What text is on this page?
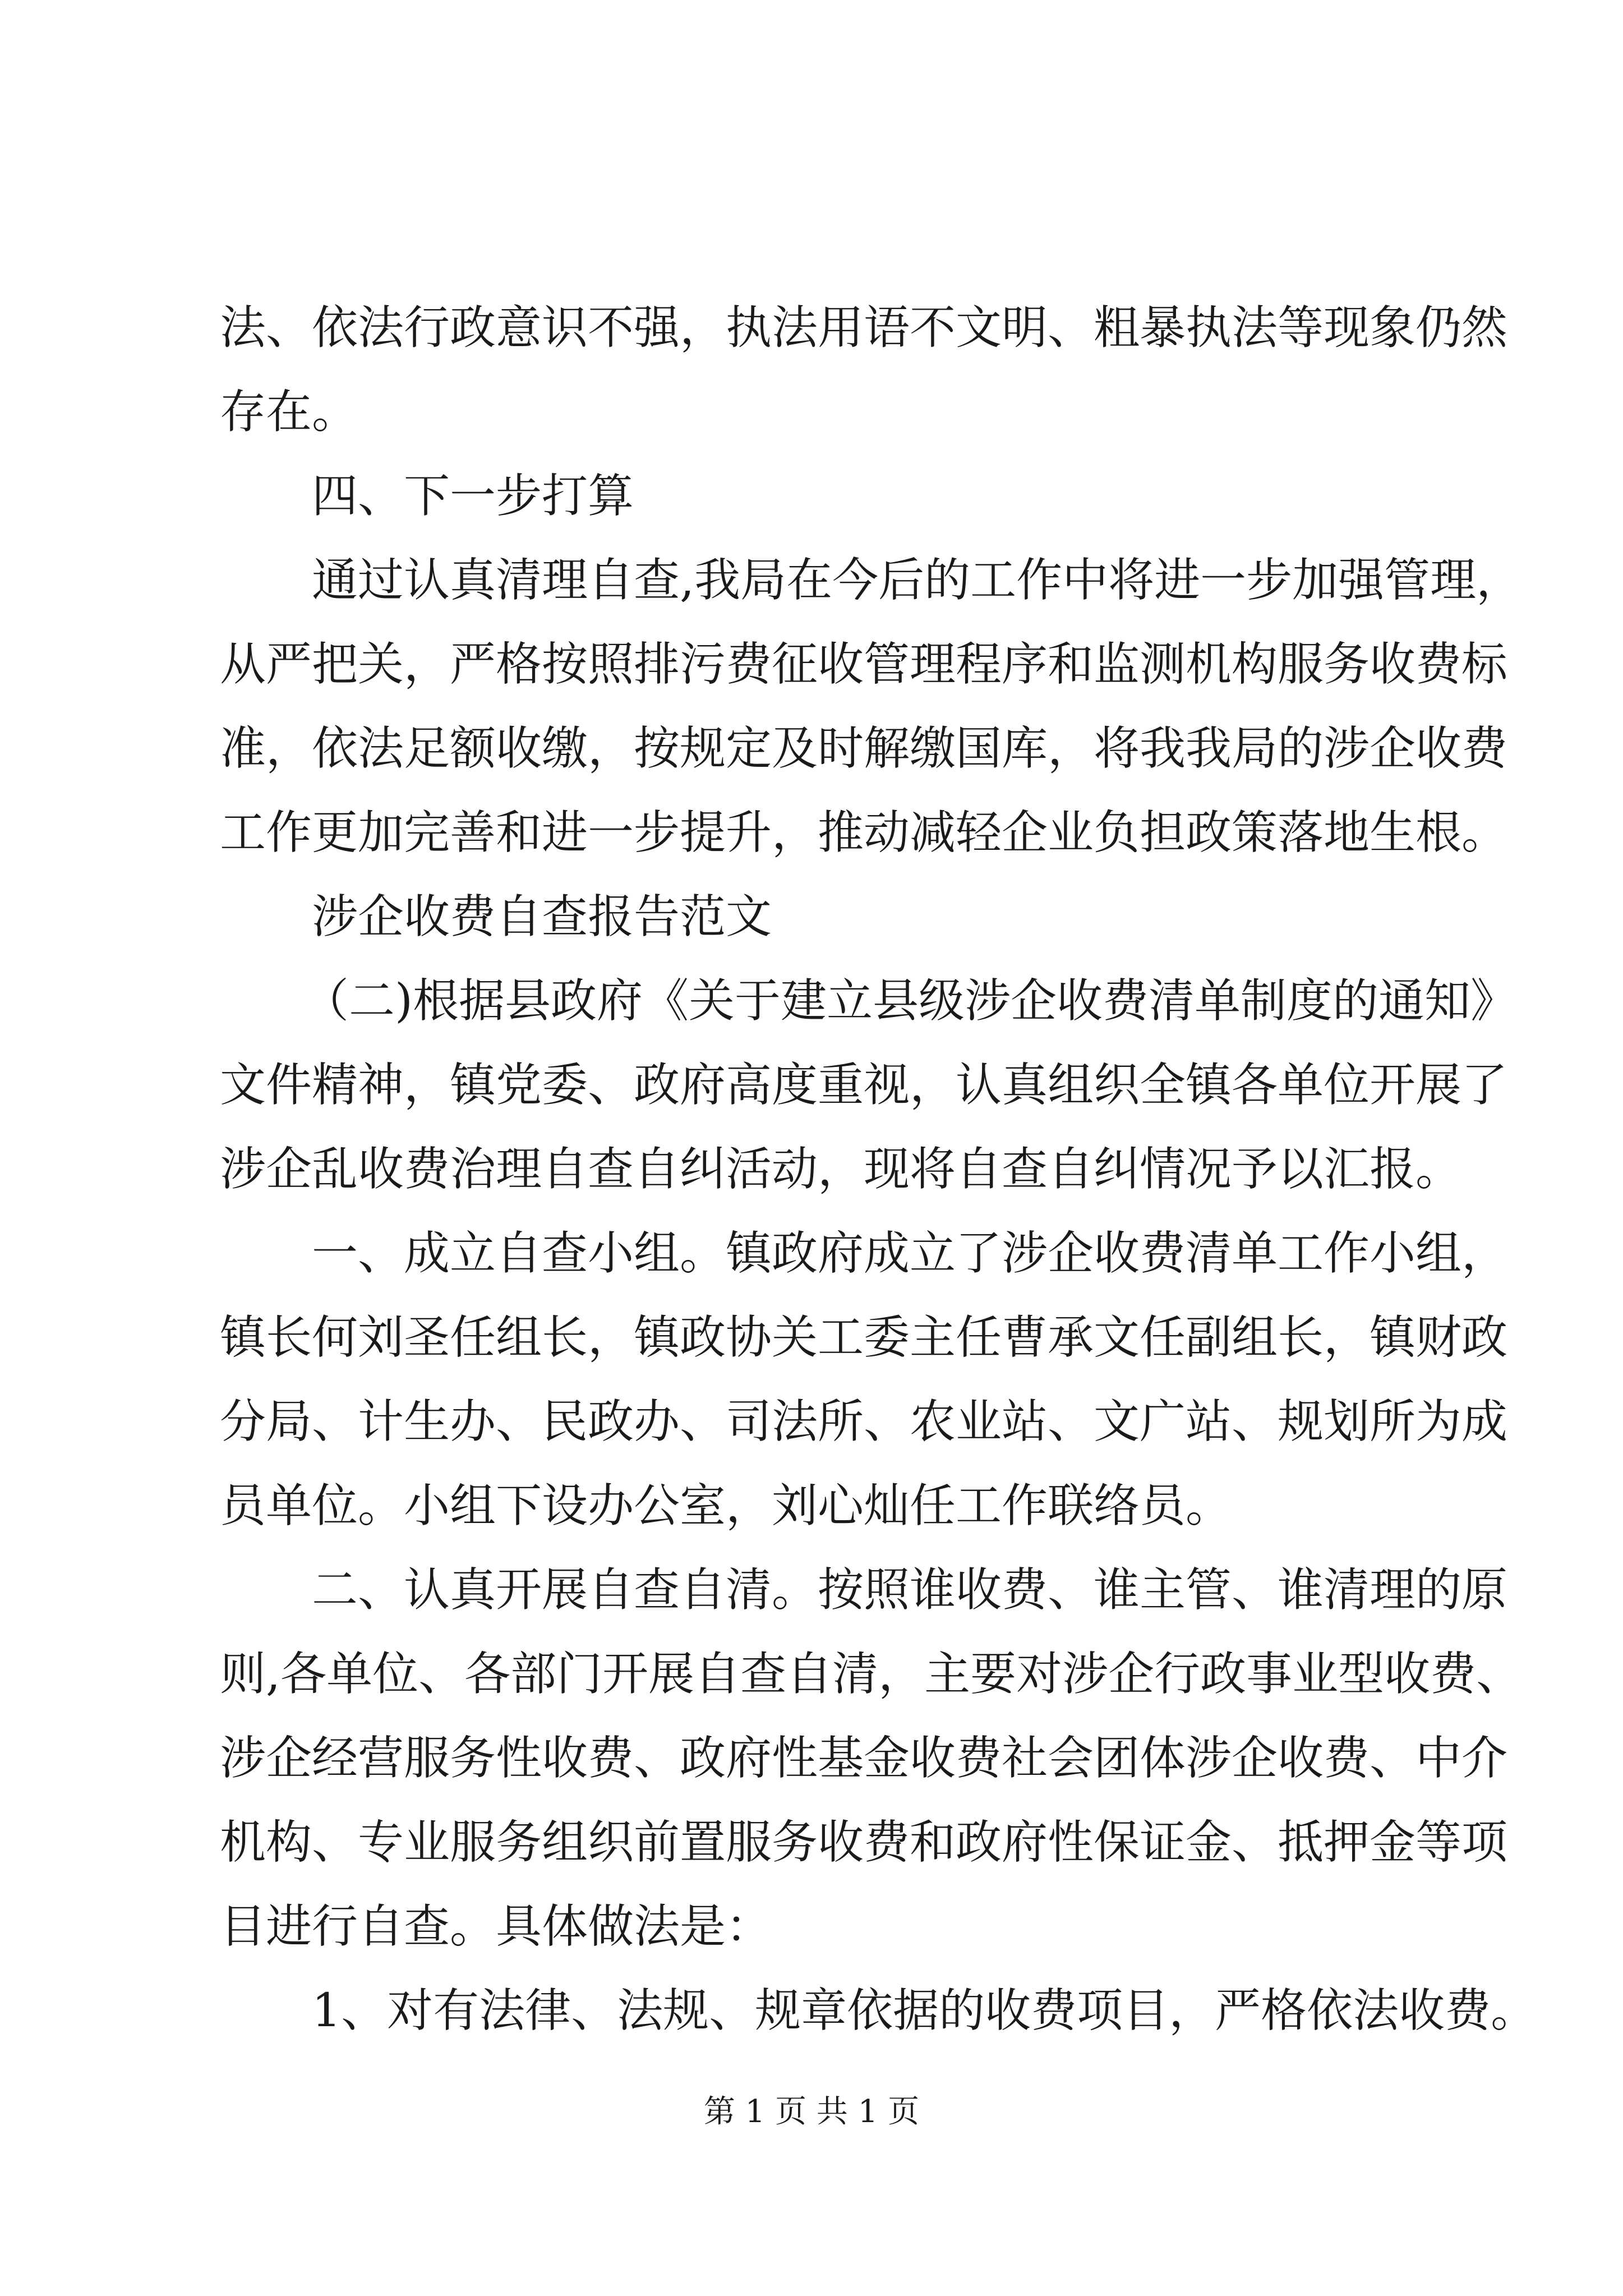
法、依法行政意识不强，执法用语不文明、粗暴执法等现象仍然

存在。

四、下一步打算

通过认真清理自查,我局在今后的工作中将进一步加强管理，

从严把关，严格按照排污费征收管理程序和监测机构服务收费标

准，依法足额收缴，按规定及时解缴国库，将我我局的涉企收费

工作更加完善和进一步提升，推动减轻企业负担政策落地生根。

涉企收费自查报告范文

（二)根据县政府《关于建立县级涉企收费清单制度的通知》

文件精神，镇党委、政府高度重视，认真组织全镇各单位开展了

涉企乱收费治理自查自纠活动，现将自查自纠情况予以汇报。

一、成立自查小组。镇政府成立了涉企收费清单工作小组，

镇长何刘圣任组长，镇政协关工委主任曹承文任副组长，镇财政

分局、计生办、民政办、司法所、农业站、文广站、规划所为成

员单位。小组下设办公室，刘心灿任工作联络员。

二、认真开展自查自清。按照谁收费、谁主管、谁清理的原

则,各单位、各部门开展自查自清，主要对涉企行政事业型收费、

涉企经营服务性收费、政府性基金收费社会团体涉企收费、中介

机构、专业服务组织前置服务收费和政府性保证金、抵押金等项

目进行自查。具体做法是：

1、对有法律、法规、规章依据的收费项目，严格依法收费。

第 1 页 共 1 页
